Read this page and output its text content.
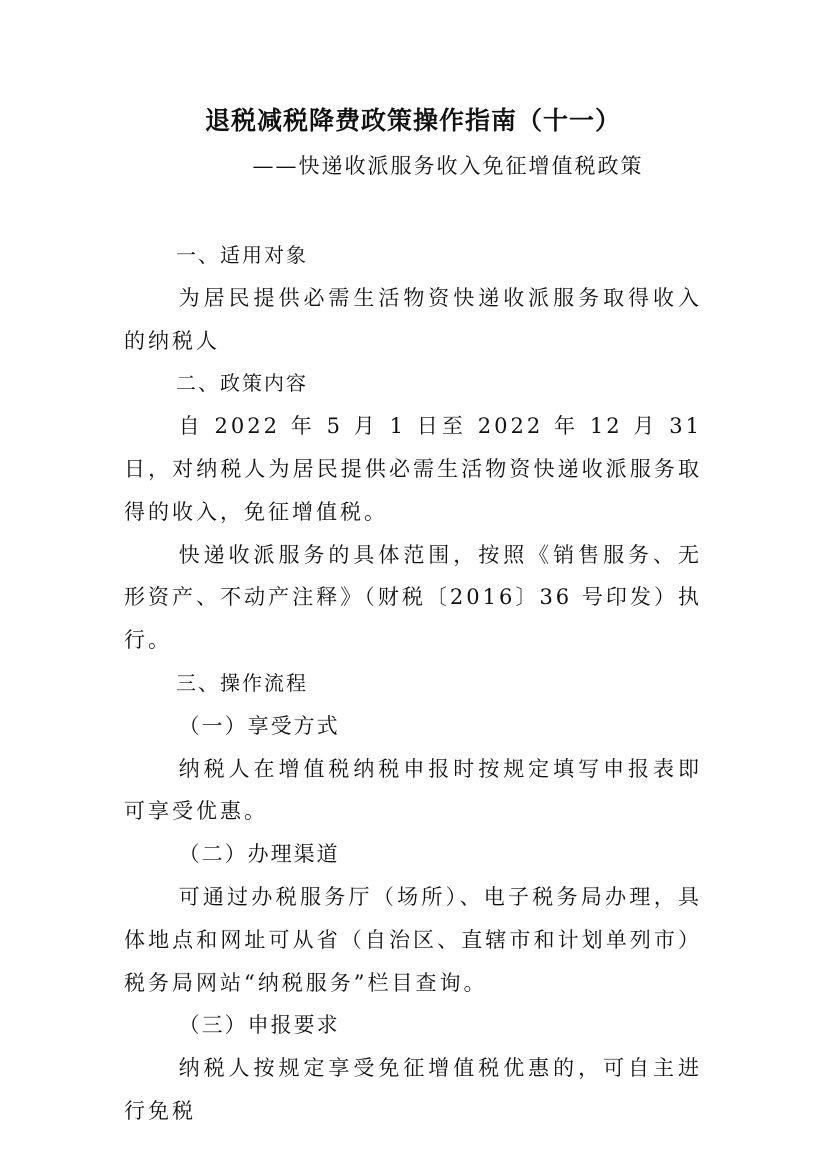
退税减税降费政策操作指南（十一）
——快递收派服务收入免征增值税政策

一、适用对象

为居民提供必需生活物资快递收派服务取得收入的纳税人

二、政策内容

自 2022 年 5 月 1 日至 2022 年 12 月 31 日，对纳税人为居民提供必需生活物资快递收派服务取得的收入，免征增值税。

快递收派服务的具体范围，按照《销售服务、无形资产、不动产注释》（财税〔2016〕36 号印发）执行。

三、操作流程

（一）享受方式

纳税人在增值税纳税申报时按规定填写申报表即可享受优惠。

（二）办理渠道

可通过办税服务厅（场所）、电子税务局办理，具体地点和网址可从省（自治区、直辖市和计划单列市）税务局网站“纳税服务”栏目查询。

（三）申报要求

纳税人按规定享受免征增值税优惠的，可自主进行免税
